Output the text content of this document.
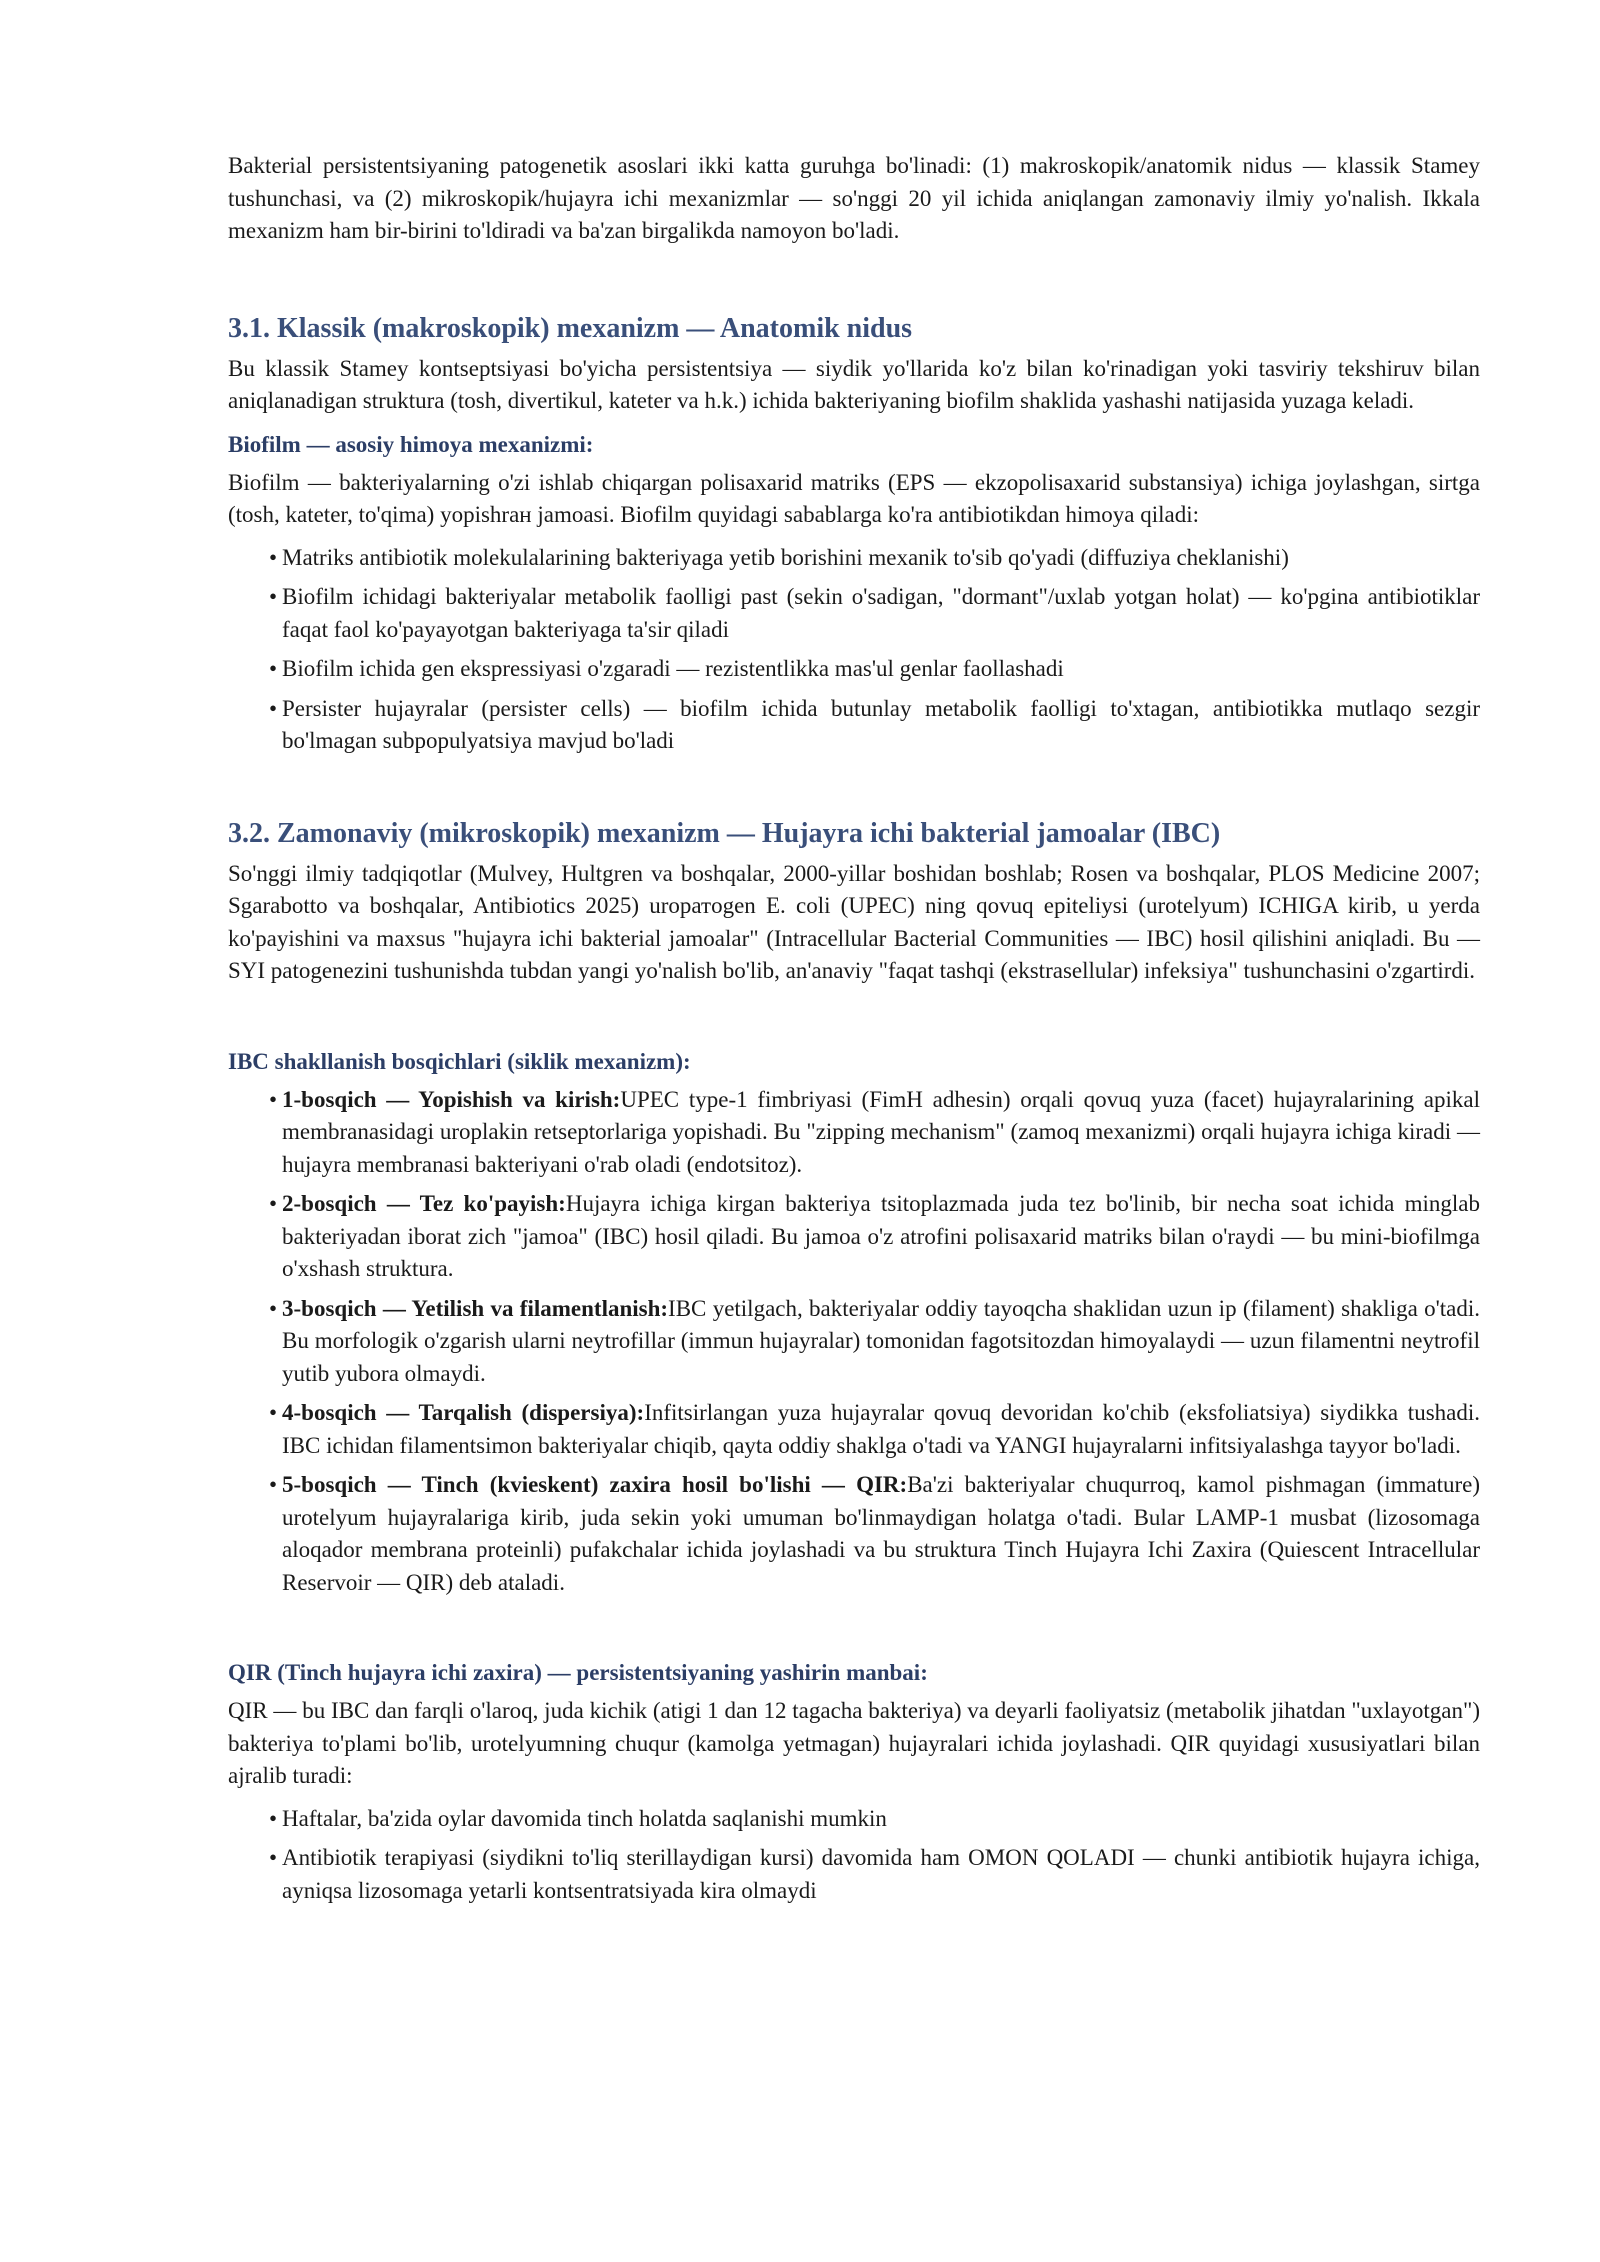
Bakterial persistentsiyaning patogenetik asoslari ikki katta guruhga bo'linadi: (1) makroskopik/anatomik nidus — klassik Stamey tushunchasi, va (2) mikroskopik/hujayra ichi mexanizmlar — so'nggi 20 yil ichida aniqlangan zamonaviy ilmiy yo'nalish. Ikkala mexanizm ham bir-birini to'ldiradi va ba'zan birgalikda namoyon bo'ladi.

3.1. Klassik (makroskopik) mexanizm — Anatomik nidus

Bu klassik Stamey kontseptsiyasi bo'yicha persistentsiya — siydik yo'llarida ko'z bilan ko'rinadigan yoki tasviriy tekshiruv bilan aniqlanadigan struktura (tosh, divertikul, kateter va h.k.) ichida bakteriyaning biofilm shaklida yashashi natijasida yuzaga keladi.

Biofilm — asosiy himoya mexanizmi:

Biofilm — bakteriyalarning o'zi ishlab chiqargan polisaxarid matriks (EPS — ekzopolisaxarid substansiya) ichiga joylashgan, sirtga (tosh, kateter, to'qima) yopishraн jamoasi. Biofilm quyidagi sabablarga ko'ra antibiotikdan himoya qiladi:

• Matriks antibiotik molekulalarining bakteriyaga yetib borishini mexanik to'sib qo'yadi (diffuziya cheklanishi)
• Biofilm ichidagi bakteriyalar metabolik faolligi past (sekin o'sadigan, "dormant"/uxlab yotgan holat) — ko'pgina antibiotiklar faqat faol ko'payayotgan bakteriyaga ta'sir qiladi
• Biofilm ichida gen ekspressiyasi o'zgaradi — rezistentlikka mas'ul genlar faollashadi
• Persister hujayralar (persister cells) — biofilm ichida butunlay metabolik faolligi to'xtagan, antibiotikka mutlaqo sezgir bo'lmagan subpopulyatsiya mavjud bo'ladi
3.2. Zamonaviy (mikroskopik) mexanizm — Hujayra ichi bakterial jamoalar (IBC)

So'nggi ilmiy tadqiqotlar (Mulvey, Hultgren va boshqalar, 2000-yillar boshidan boshlab; Rosen va boshqalar, PLOS Medicine 2007; Sgarabotto va boshqalar, Antibiotics 2025) uropатogen E. coli (UPEC) ning qovuq epiteliysi (urotelyum) ICHIGA kirib, u yerda ko'payishini va maxsus "hujayra ichi bakterial jamoalar" (Intracellular Bacterial Communities — IBC) hosil qilishini aniqladi. Bu — SYI patogenezini tushunishda tubdan yangi yo'nalish bo'lib, an'anaviy "faqat tashqi (ekstrasellular) infeksiya" tushunchasini o'zgartirdi.

IBC shakllanish bosqichlari (siklik mexanizm):
• 1-bosqich — Yopishish va kirish:UPEC type-1 fimbriyasi (FimH adhesin) orqali qovuq yuza (facet) hujayralarining apikal membranasidagi uroplakin retseptorlariga yopishadi. Bu "zipping mechanism" (zamoq mexanizmi) orqali hujayra ichiga kiradi — hujayra membranasi bakteriyani o'rab oladi (endotsitoz).
• 2-bosqich — Tez ko'payish:Hujayra ichiga kirgan bakteriya tsitoplazmada juda tez bo'linib, bir necha soat ichida minglab bakteriyadan iborat zich "jamoa" (IBC) hosil qiladi. Bu jamoa o'z atrofini polisaxarid matriks bilan o'raydi — bu mini-biofilmga o'xshash struktura.
• 3-bosqich — Yetilish va filamentlanish:IBC yetilgach, bakteriyalar oddiy tayoqcha shaklidan uzun ip (filament) shakliga o'tadi. Bu morfologik o'zgarish ularni neytrofillar (immun hujayralar) tomonidan fagotsitozdan himoyalaydi — uzun filamentni neytrofil yutib yubora olmaydi.
• 4-bosqich — Tarqalish (dispersiya):Infitsirlangan yuza hujayralar qovuq devoridan ko'chib (eksfoliatsiya) siydikka tushadi. IBC ichidan filamentsimon bakteriyalar chiqib, qayta oddiy shaklga o'tadi va YANGI hujayralarni infitsiyalashga tayyor bo'ladi.
• 5-bosqich — Tinch (kvieskent) zaxira hosil bo'lishi — QIR:Ba'zi bakteriyalar chuqurroq, kamol pishmagan (immature) urotelyum hujayralariga kirib, juda sekin yoki umuman bo'linmaydigan holatga o'tadi. Bular LAMP-1 musbat (lizosomaga aloqador membrana proteinli) pufakchalar ichida joylashadi va bu struktura Tinch Hujayra Ichi Zaxira (Quiescent Intracellular Reservoir — QIR) deb ataladi.
QIR (Tinch hujayra ichi zaxira) — persistentsiyaning yashirin manbai:

QIR — bu IBC dan farqli o'laroq, juda kichik (atigi 1 dan 12 tagacha bakteriya) va deyarli faoliyatsiz (metabolik jihatdan "uxlayotgan") bakteriya to'plami bo'lib, urotelyumning chuqur (kamolga yetmagan) hujayralari ichida joylashadi. QIR quyidagi xususiyatlari bilan ajralib turadi:

• Haftalar, ba'zida oylar davomida tinch holatda saqlanishi mumkin
• Antibiotik terapiyasi (siydikni to'liq sterillaydigan kursi) davomida ham OMON QOLADI — chunki antibiotik hujayra ichiga, ayniqsa lizosomaga yetarli kontsentratsiyada kira olmaydi
